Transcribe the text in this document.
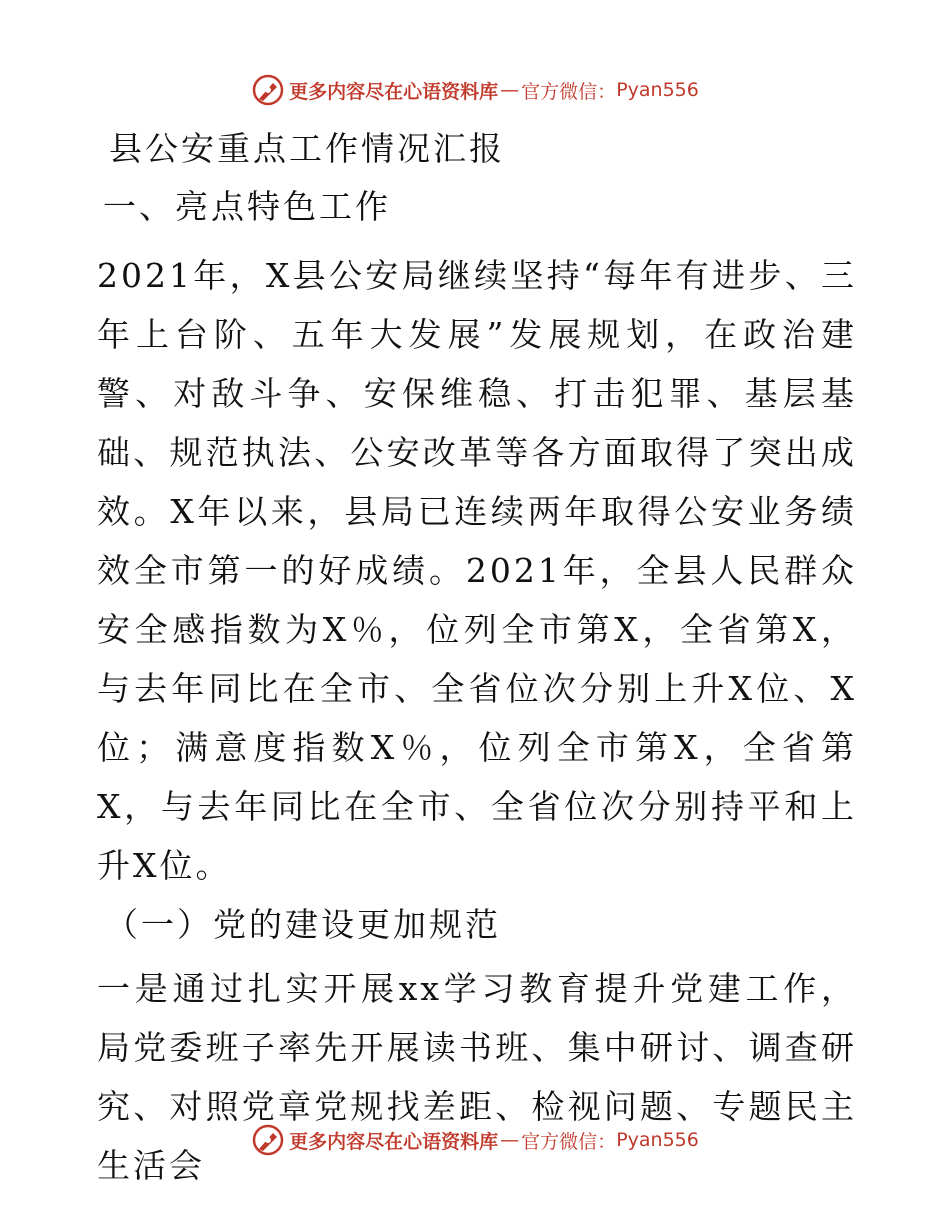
更多内容尽在心语资料库 — 官方微信： Pyan556

县公安重点工作情况汇报

一、亮点特色工作

2021年，X县公安局继续坚持“每年有进步、三年上台阶、五年大发展”发展规划，在政治建警、对敌斗争、安保维稳、打击犯罪、基层基础、规范执法、公安改革等各方面取得了突出成效。X年以来，县局已连续两年取得公安业务绩效全市第一的好成绩。2021年，全县人民群众安全感指数为X％，位列全市第X，全省第X，与去年同比在全市、全省位次分别上升X位、X位；满意度指数X％，位列全市第X，全省第X，与去年同比在全市、全省位次分别持平和上升X位。

（一）党的建设更加规范

一是通过扎实开展xx学习教育提升党建工作，局党委班子率先开展读书班、集中研讨、调查研究、对照党章党规找差距、检视问题、专题民主生活会

更多内容尽在心语资料库 — 官方微信： Pyan556
